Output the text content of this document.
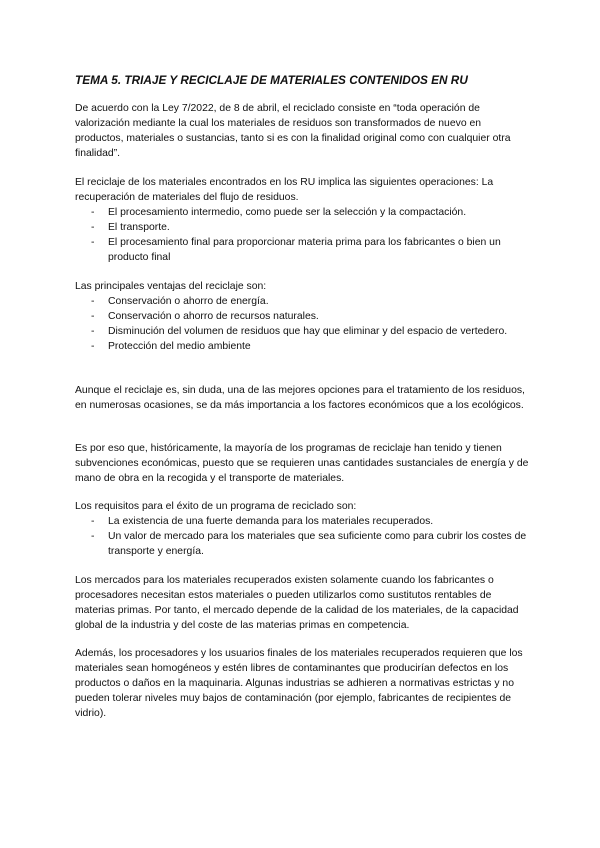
TEMA 5. TRIAJE Y RECICLAJE DE MATERIALES CONTENIDOS EN RU

De acuerdo con la Ley 7/2022, de 8 de abril, el reciclado consiste en “toda operación de valorización mediante la cual los materiales de residuos son transformados de nuevo en productos, materiales o sustancias, tanto si es con la finalidad original como con cualquier otra finalidad”.

El reciclaje de los materiales encontrados en los RU implica las siguientes operaciones: La recuperación de materiales del flujo de residuos.

- El procesamiento intermedio, como puede ser la selección y la compactación.
- El transporte.
- El procesamiento final para proporcionar materia prima para los fabricantes o bien un producto final

Las principales ventajas del reciclaje son:

- Conservación o ahorro de energía.
- Conservación o ahorro de recursos naturales.
- Disminución del volumen de residuos que hay que eliminar y del espacio de vertedero.
- Protección del medio ambiente

Aunque el reciclaje es, sin duda, una de las mejores opciones para el tratamiento de los residuos, en numerosas ocasiones, se da más importancia a los factores económicos que a los ecológicos.

Es por eso que, históricamente, la mayoría de los programas de reciclaje han tenido y tienen subvenciones económicas, puesto que se requieren unas cantidades sustanciales de energía y de mano de obra en la recogida y el transporte de materiales.

Los requisitos para el éxito de un programa de reciclado son:

- La existencia de una fuerte demanda para los materiales recuperados.
- Un valor de mercado para los materiales que sea suficiente como para cubrir los costes de transporte y energía.

Los mercados para los materiales recuperados existen solamente cuando los fabricantes o procesadores necesitan estos materiales o pueden utilizarlos como sustitutos rentables de materias primas. Por tanto, el mercado depende de la calidad de los materiales, de la capacidad global de la industria y del coste de las materias primas en competencia.

Además, los procesadores y los usuarios finales de los materiales recuperados requieren que los materiales sean homogéneos y estén libres de contaminantes que producirían defectos en los productos o daños en la maquinaria. Algunas industrias se adhieren a normativas estrictas y no pueden tolerar niveles muy bajos de contaminación (por ejemplo, fabricantes de recipientes de vidrio).
